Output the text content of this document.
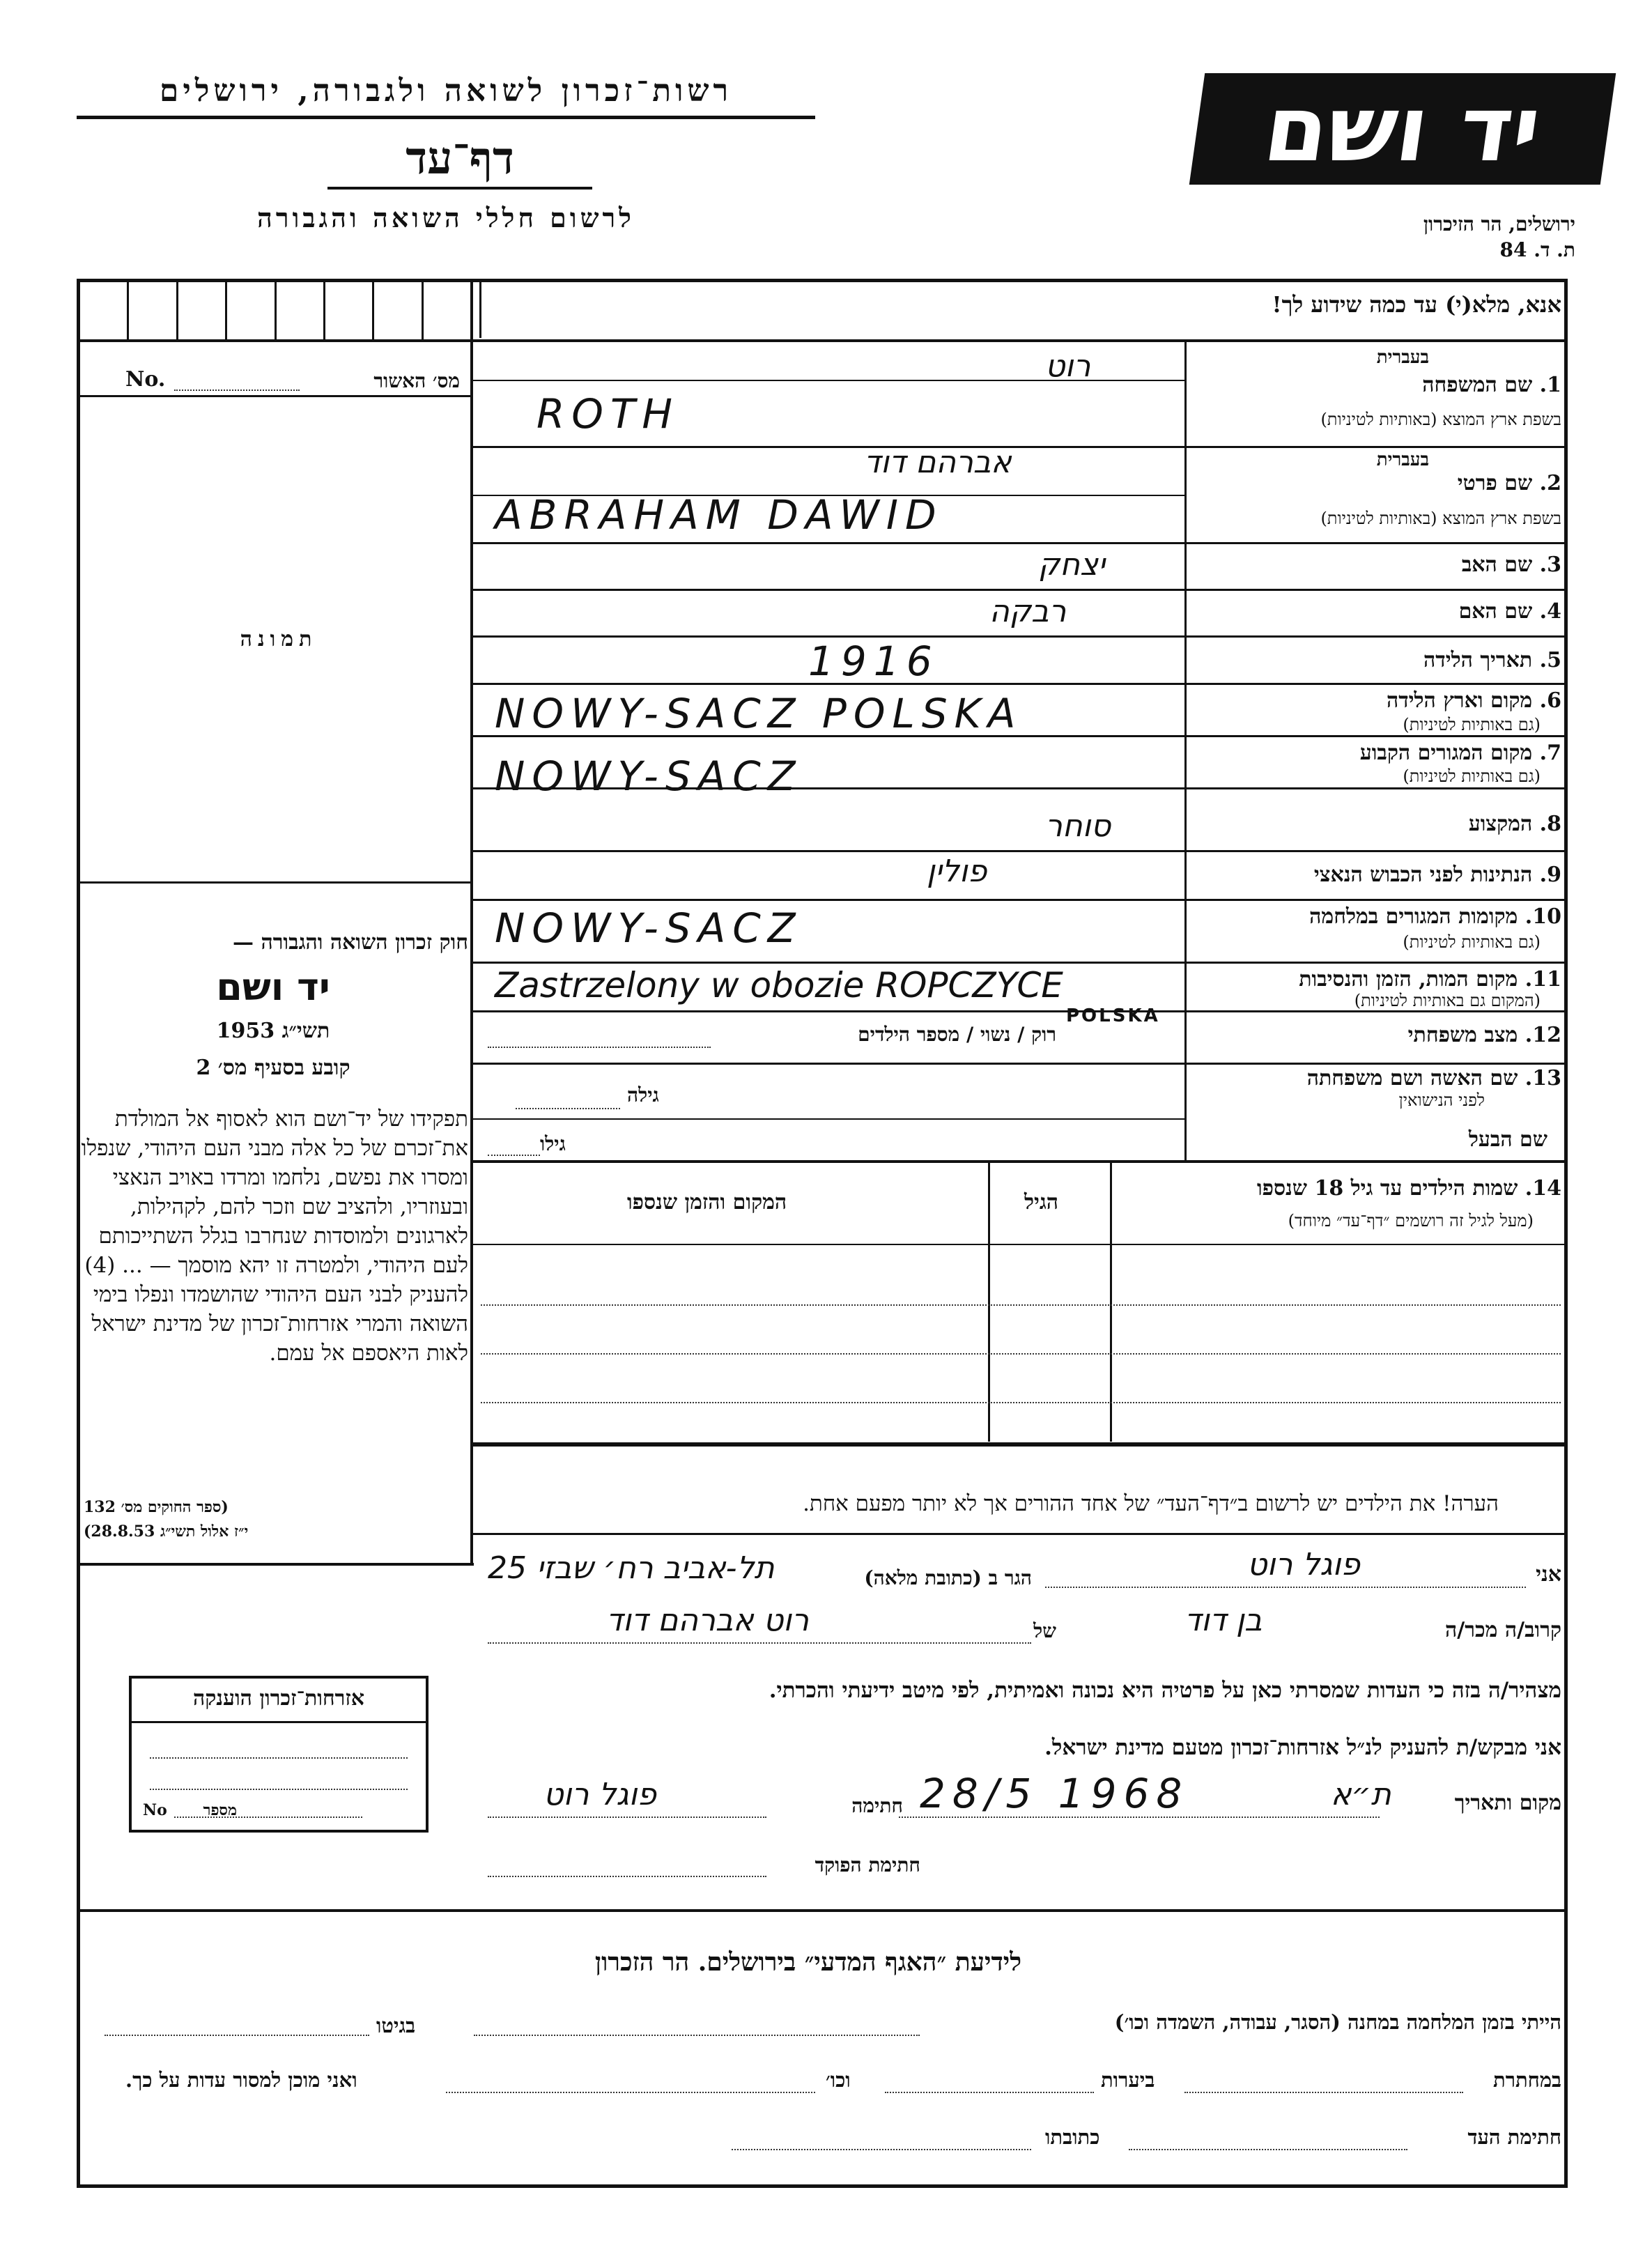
רשות־זכרון לשואה ולגבורה, ירושלים
דף־עד
לרשום חללי השואה והגבורה
יד ושם
ירושלים, הר הזיכרון
ת. ד. 84
אנא, מלא(י) עד כמה שידוע לך!
No.	מס׳ האשור
תמונה
חוק זכרון השואה והגבורה —
יד ושם
תשי״ג 1953
קובע בסעיף מס׳ 2
תפקידו של יד־ושם הוא לאסוף אל המולדת את־זכרם של כל אלה מבני העם היהודי, שנפלו ומסרו את נפשם, נלחמו ומרדו באויב הנאצי ובעוזריו, ולהציב שם וזכר להם, לקהילות, לארגונים ולמוסדות שנחרבו בגלל השתייכותם לעם היהודי, ולמטרה זו יהא מוסמך — ... (4) להעניק לבני העם היהודי שהושמדו ונפלו בימי השואה והמרי אזרחות־זכרון של מדינת ישראל לאות היאספם אל עמם.
(ספר החוקים מס׳ 132
י״ז אלול תשי״ג 28.8.53)
בעברית
1. שם המשפחה
בשפת ארץ המוצא (באותיות לטיניות)
בעברית
2. שם פרטי
בשפת ארץ המוצא (באותיות לטיניות)
3. שם האב
4. שם האם
5. תאריך הלידה
6. מקום וארץ הלידה
(גם באותיות לטיניות)
7. מקום המגורים הקבוע
(גם באותיות לטיניות)
8. המקצוע
9. הנתינות לפני הכבוש הנאצי
10. מקומות המגורים במלחמה
(גם באותיות לטיניות)
11. מקום המות, הזמן והנסיבות
(המקום גם באותיות לטיניות)
12. מצב משפחתי
13. שם האשה ושם משפחתה
לפני הנישואין
שם הבעל
רוט
ROTH
אברהם דוד
ABRAHAM DAWID
יצחק
רבקה
1916
NOWY-SACZ POLSKA
NOWY-SACZ
סוחר
פולין
NOWY-SACZ
Zastrzelony w obozie ROPCZYCE
POLSKA
רוק / נשוי / מספר הילדים
גילה
גילו
14. שמות הילדים עד גיל 18 שנספו
(מעל לגיל זה רושמים ״דף־עד״ מיוחד)
הגיל
המקום והזמן שנספו
הערה! את הילדים יש לרשום ב״דף־העד״ של אחד ההורים אך לא יותר מפעם אחת.
אני
פוגל רוט
הגר ב (כתובת מלאה)
תל-אביב רח׳ שבזי 25
קרוב/ה מכר/ה
בן דוד
של
רוט אברהם דוד
מצהיר/ה בזה כי העדות שמסרתי כאן על פרטיה היא נכונה ואמיתית, לפי מיטב ידיעתי והכרתי.
אני מבקש/ת להעניק לנ״ל אזרחות־זכרון מטעם מדינת ישראל.
מקום ותאריך
ת״א
28/5 1968
חתימה
פוגל רוט
חתימת הפוקד
אזרחות־זכרון הוענקה
No	מספר
לידיעת ״האגף המדעי״ בירושלים. הר הזכרון
הייתי בזמן המלחמה במחנה (הסגר, עבודה, השמדה וכו׳)
בגיטו
במחתרת
ביערות
וכו׳
ואני מוכן למסור עדות על כך.
חתימת העד
כתובתו
